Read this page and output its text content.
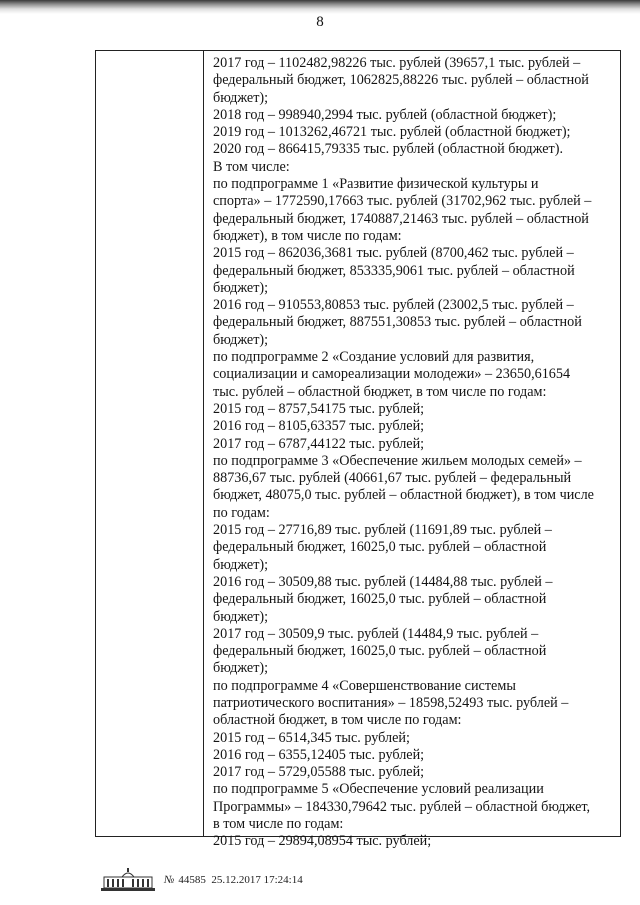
8
2017 год – 1102482,98226 тыс. рублей (39657,1 тыс. рублей –
федеральный бюджет, 1062825,88226 тыс. рублей – областной
бюджет);
2018 год – 998940,2994 тыс. рублей (областной бюджет);
2019 год – 1013262,46721 тыс. рублей (областной бюджет);
2020 год – 866415,79335 тыс. рублей (областной бюджет).
В том числе:
по подпрограмме 1 «Развитие физической культуры и
спорта» – 1772590,17663 тыс. рублей (31702,962 тыс. рублей –
федеральный бюджет, 1740887,21463 тыс. рублей – областной
бюджет), в том числе по годам:
2015 год – 862036,3681 тыс. рублей (8700,462 тыс. рублей –
федеральный бюджет, 853335,9061 тыс. рублей – областной
бюджет);
2016 год – 910553,80853 тыс. рублей (23002,5 тыс. рублей –
федеральный бюджет, 887551,30853 тыс. рублей – областной
бюджет);
по подпрограмме 2 «Создание условий для развития,
социализации и самореализации молодежи» – 23650,61654
тыс. рублей – областной бюджет, в том числе по годам:
2015 год – 8757,54175 тыс. рублей;
2016 год – 8105,63357 тыс. рублей;
2017 год – 6787,44122 тыс. рублей;
по подпрограмме 3 «Обеспечение жильем молодых семей» –
88736,67 тыс. рублей (40661,67 тыс. рублей – федеральный
бюджет, 48075,0 тыс. рублей – областной бюджет), в том числе
по годам:
2015 год – 27716,89 тыс. рублей (11691,89 тыс. рублей –
федеральный бюджет, 16025,0 тыс. рублей – областной
бюджет);
2016 год – 30509,88 тыс. рублей (14484,88 тыс. рублей –
федеральный бюджет, 16025,0 тыс. рублей – областной
бюджет);
2017 год – 30509,9 тыс. рублей (14484,9 тыс. рублей –
федеральный бюджет, 16025,0 тыс. рублей – областной
бюджет);
по подпрограмме 4 «Совершенствование системы
патриотического воспитания» – 18598,52493 тыс. рублей –
областной бюджет, в том числе по годам:
2015 год – 6514,345 тыс. рублей;
2016 год – 6355,12405 тыс. рублей;
2017 год – 5729,05588 тыс. рублей;
по подпрограмме 5 «Обеспечение условий реализации
Программы» – 184330,79642 тыс. рублей – областной бюджет,
в том числе по годам:
2015 год – 29894,08954 тыс. рублей;
№ 44585 25.12.2017 17:24:14
